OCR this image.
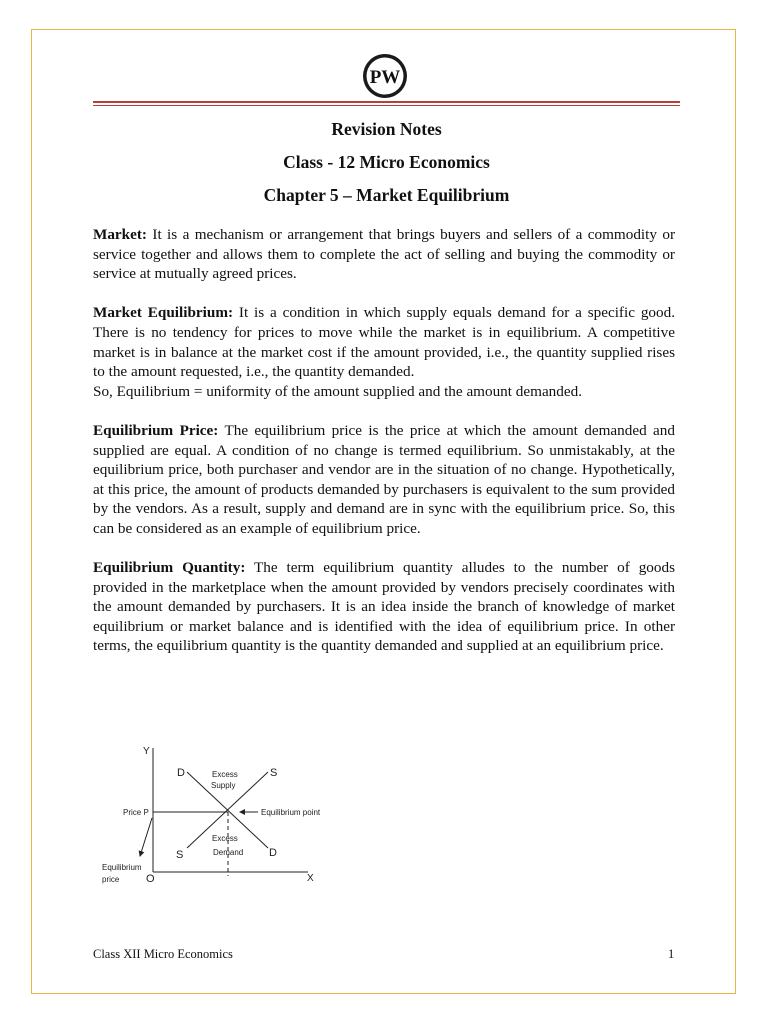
PW
Revision Notes
Class - 12 Micro Economics
Chapter 5 – Market Equilibrium

Market: It is a mechanism or arrangement that brings buyers and sellers of a commodity or service together and allows them to complete the act of selling and buying the commodity or service at mutually agreed prices.

Market Equilibrium: It is a condition in which supply equals demand for a specific good. There is no tendency for prices to move while the market is in equilibrium. A competitive market is in balance at the market cost if the amount provided, i.e., the quantity supplied rises to the amount requested, i.e., the quantity demanded.

So, Equilibrium = uniformity of the amount supplied and the amount demanded.

Equilibrium Price: The equilibrium price is the price at which the amount demanded and supplied are equal. A condition of no change is termed equilibrium. So unmistakably, at the equilibrium price, both purchaser and vendor are in the situation of no change. Hypothetically, at this price, the amount of products demanded by purchasers is equivalent to the sum provided by the vendors. As a result, supply and demand are in sync with the equilibrium price. So, this can be considered as an example of equilibrium price.

Equilibrium Quantity: The term equilibrium quantity alludes to the number of goods provided in the marketplace when the amount provided by vendors precisely coordinates with the amount demanded by purchasers. It is an idea inside the branch of knowledge of market equilibrium or market balance and is identified with the idea of equilibrium price. In other terms, the equilibrium quantity is the quantity demanded and supplied at an equilibrium price.

Y
X
O
D	S
S	D
Excess
Supply
Excess
Demand
Price P	Equilibrium point
Equilibrium
price
Class XII Micro Economics	1
